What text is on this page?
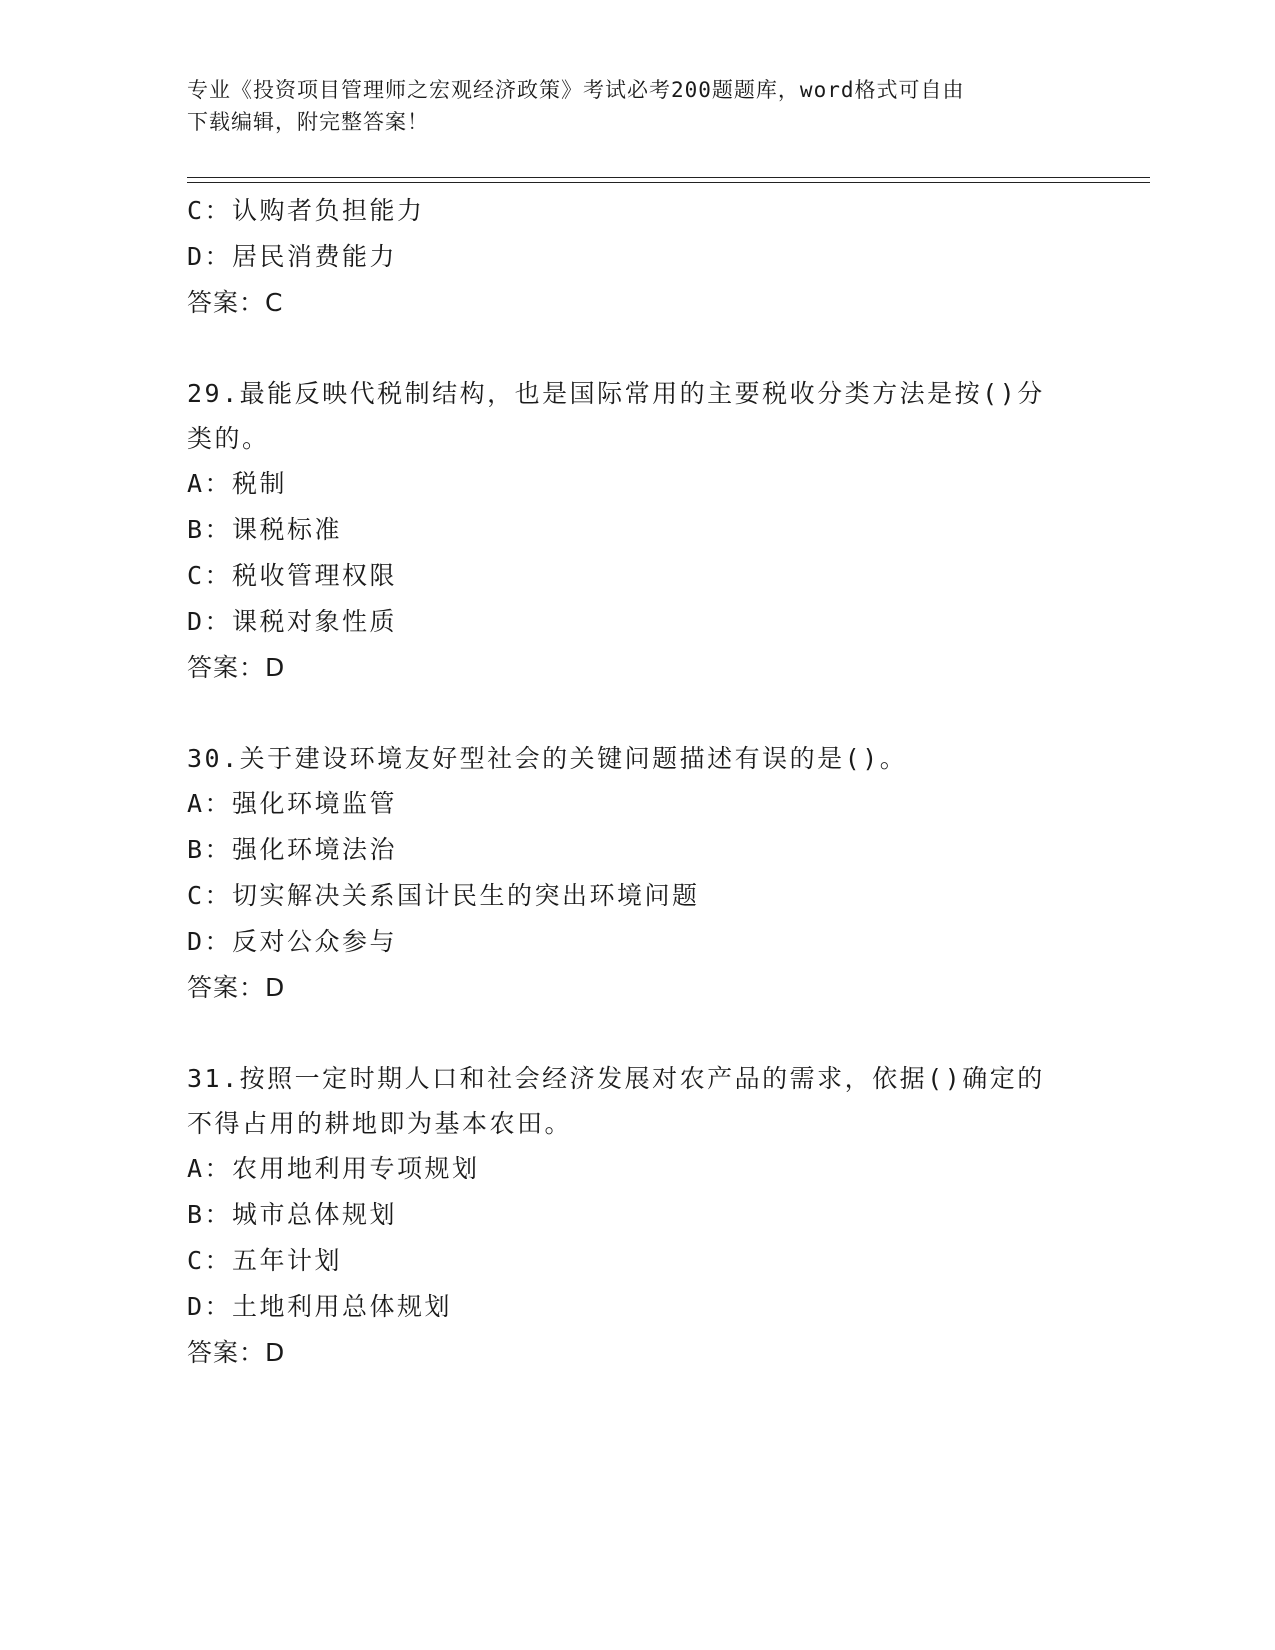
专业《投资项目管理师之宏观经济政策》考试必考200题题库，word格式可自由
下载编辑，附完整答案！
C：认购者负担能力
D：居民消费能力
答案：C
29.最能反映代税制结构，也是国际常用的主要税收分类方法是按()分
类的。
A：税制
B：课税标准
C：税收管理权限
D：课税对象性质
答案：D
30.关于建设环境友好型社会的关键问题描述有误的是()。
A：强化环境监管
B：强化环境法治
C：切实解决关系国计民生的突出环境问题
D：反对公众参与
答案：D
31.按照一定时期人口和社会经济发展对农产品的需求，依据()确定的
不得占用的耕地即为基本农田。
A：农用地利用专项规划
B：城市总体规划
C：五年计划
D：土地利用总体规划
答案：D
